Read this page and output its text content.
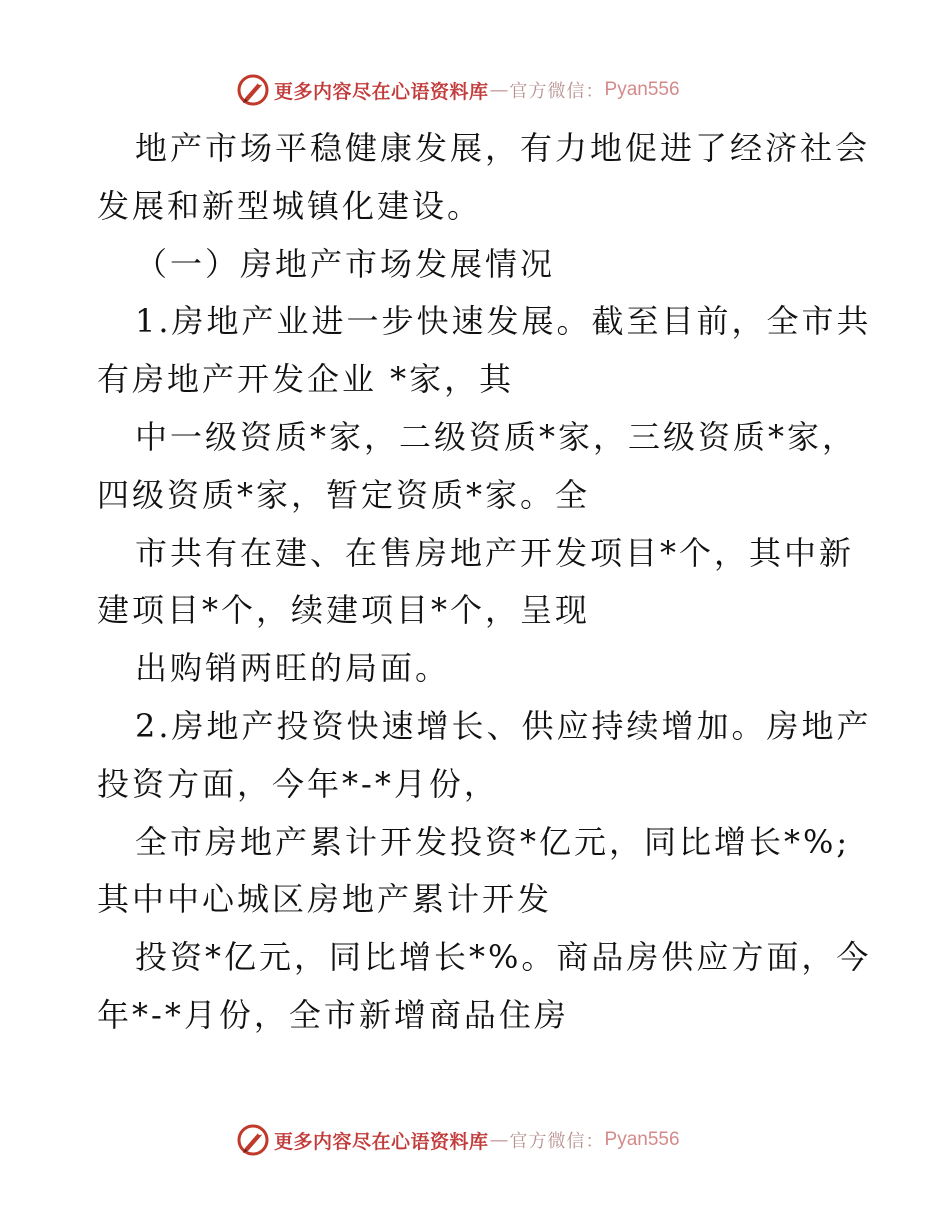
更多内容尽在心语资料库 — 官方微信： Pyan556
地产市场平稳健康发展，有力地促进了经济社会
发展和新型城镇化建设。
（一）房地产市场发展情况
1.房地产业进一步快速发展。截至目前，全市共
有房地产开发企业 *家，其
中一级资质*家，二级资质*家，三级资质*家，
四级资质*家，暂定资质*家。全
市共有在建、在售房地产开发项目*个，其中新
建项目*个，续建项目*个，呈现
出购销两旺的局面。
2.房地产投资快速增长、供应持续增加。房地产
投资方面，今年*-*月份，
全市房地产累计开发投资*亿元，同比增长*%;
其中中心城区房地产累计开发
投资*亿元，同比增长*%。商品房供应方面，今
年*-*月份，全市新增商品住房
更多内容尽在心语资料库 — 官方微信： Pyan556
